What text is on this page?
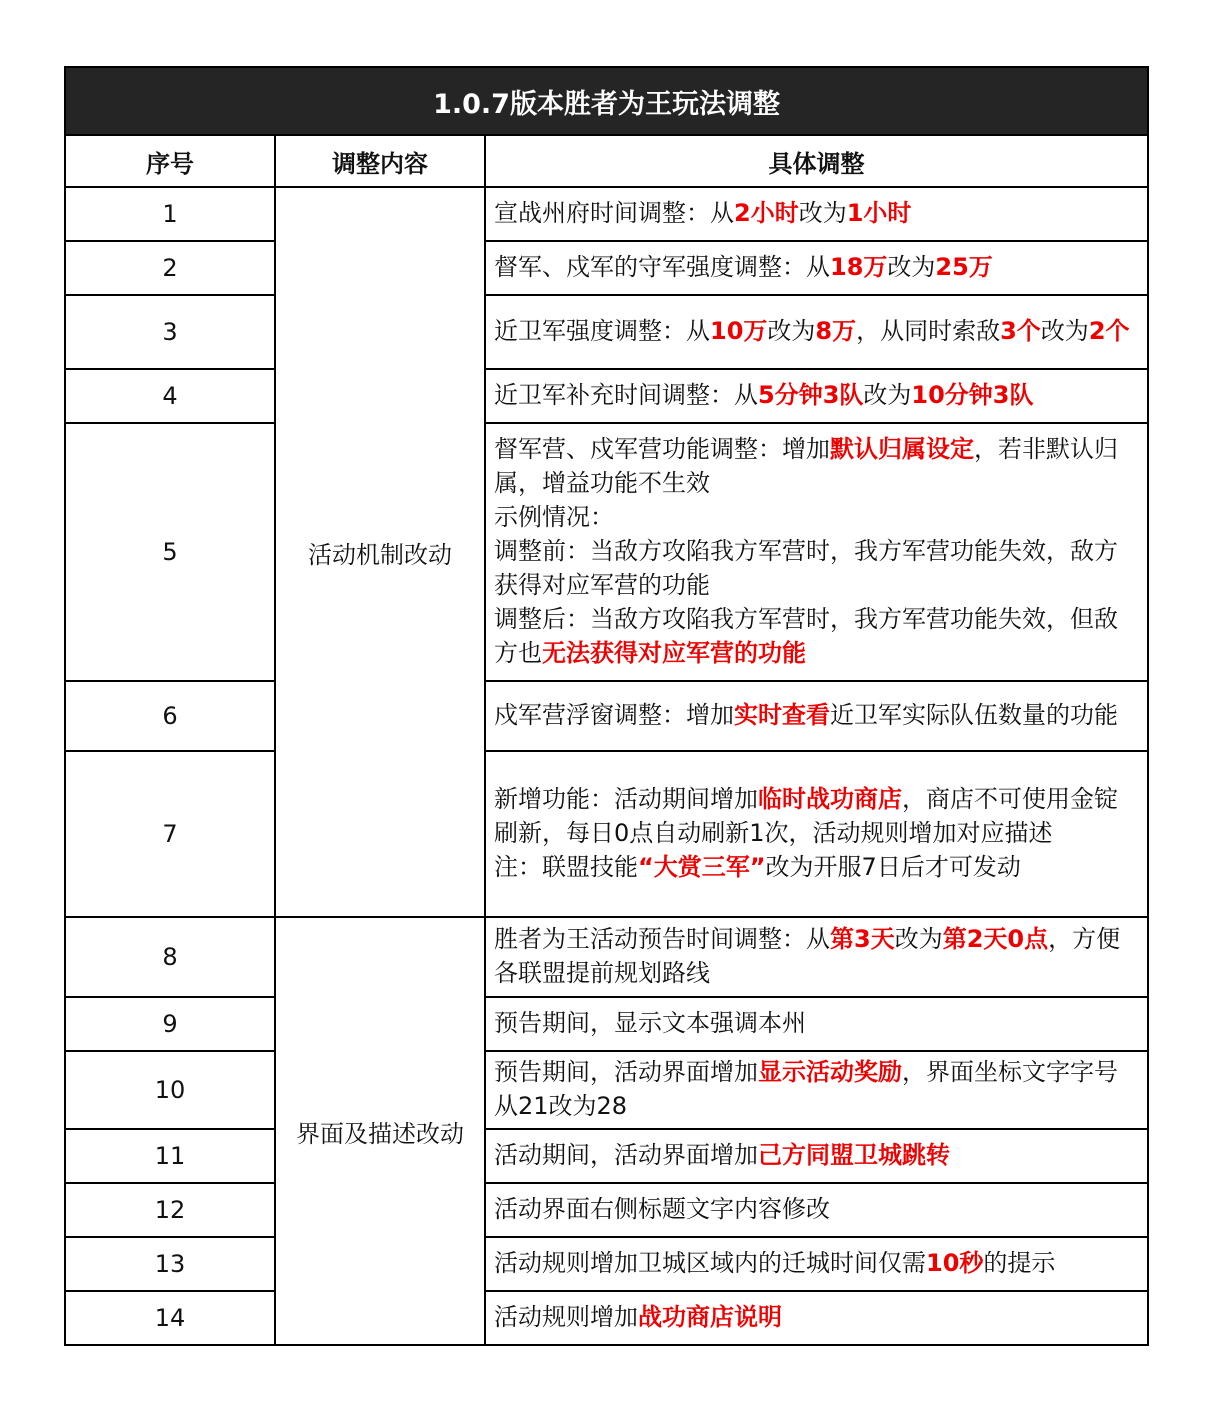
1.0.7版本胜者为王玩法调整		
序号	调整内容	具体调整
1	活动机制改动	宣战州府时间调整：从2小时改为1小时

2		督军、戍军的守军强度调整：从18万改为25万

3		近卫军强度调整：从10万改为8万，从同时索敌3个改为2个

4		近卫军补充时间调整：从5分钟3队改为10分钟3队

5		督军营、戍军营功能调整：增加默认归属设定，若非默认归属，增益功能不生效
示例情况：
调整前：当敌方攻陷我方军营时，我方军营功能失效，敌方获得对应军营的功能
调整后：当敌方攻陷我方军营时，我方军营功能失效，但敌方也无法获得对应军营的功能

6		戍军营浮窗调整：增加实时查看近卫军实际队伍数量的功能

7		新增功能：活动期间增加临时战功商店，商店不可使用金锭刷新，每日0点自动刷新1次，活动规则增加对应描述
注：联盟技能“大赏三军”改为开服7日后才可发动

8	界面及描述改动	胜者为王活动预告时间调整：从第3天改为第2天0点，方便各联盟提前规划路线

9		预告期间，显示文本强调本州

10		预告期间，活动界面增加显示活动奖励，界面坐标文字字号从21改为28

11		活动期间，活动界面增加己方同盟卫城跳转

12		活动界面右侧标题文字内容修改

13		活动规则增加卫城区域内的迁城时间仅需10秒的提示

14		活动规则增加战功商店说明
